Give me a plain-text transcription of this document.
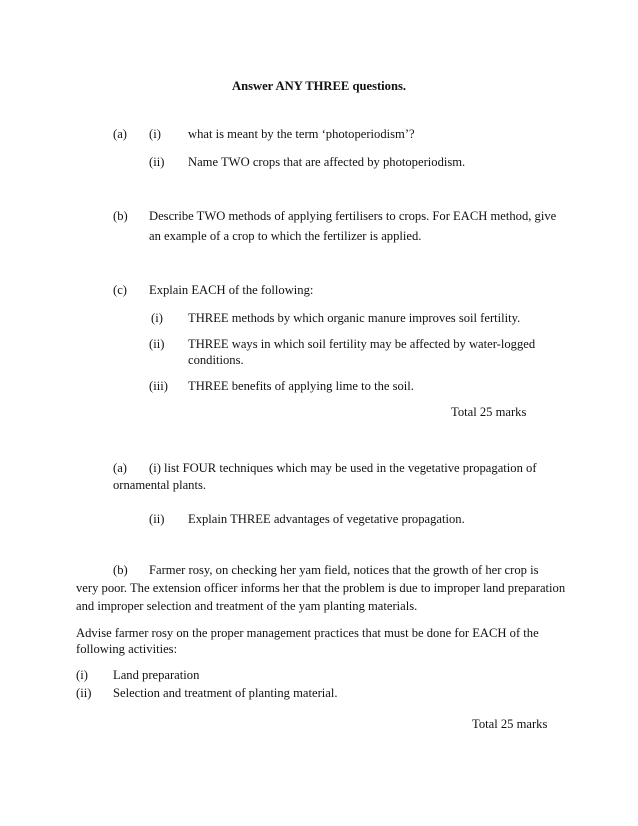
Answer ANY THREE questions.
(a) (i) what is meant by the term ‘photoperiodism’?
(ii) Name TWO crops that are affected by photoperiodism.
(b) Describe TWO methods of applying fertilisers to crops. For EACH method, give
an example of a crop to which the fertilizer is applied.
(c) Explain EACH of the following:
(i) THREE methods by which organic manure improves soil fertility.
(ii) THREE ways in which soil fertility may be affected by water-logged
conditions.
(iii) THREE benefits of applying lime to the soil.
Total 25 marks
(a) (i) list FOUR techniques which may be used in the vegetative propagation of
ornamental plants.
(ii) Explain THREE advantages of vegetative propagation.
(b) Farmer rosy, on checking her yam field, notices that the growth of her crop is
very poor. The extension officer informs her that the problem is due to improper land preparation
and improper selection and treatment of the yam planting materials.
Advise farmer rosy on the proper management practices that must be done for EACH of the
following activities:
(i) Land preparation
(ii) Selection and treatment of planting material.
Total 25 marks
